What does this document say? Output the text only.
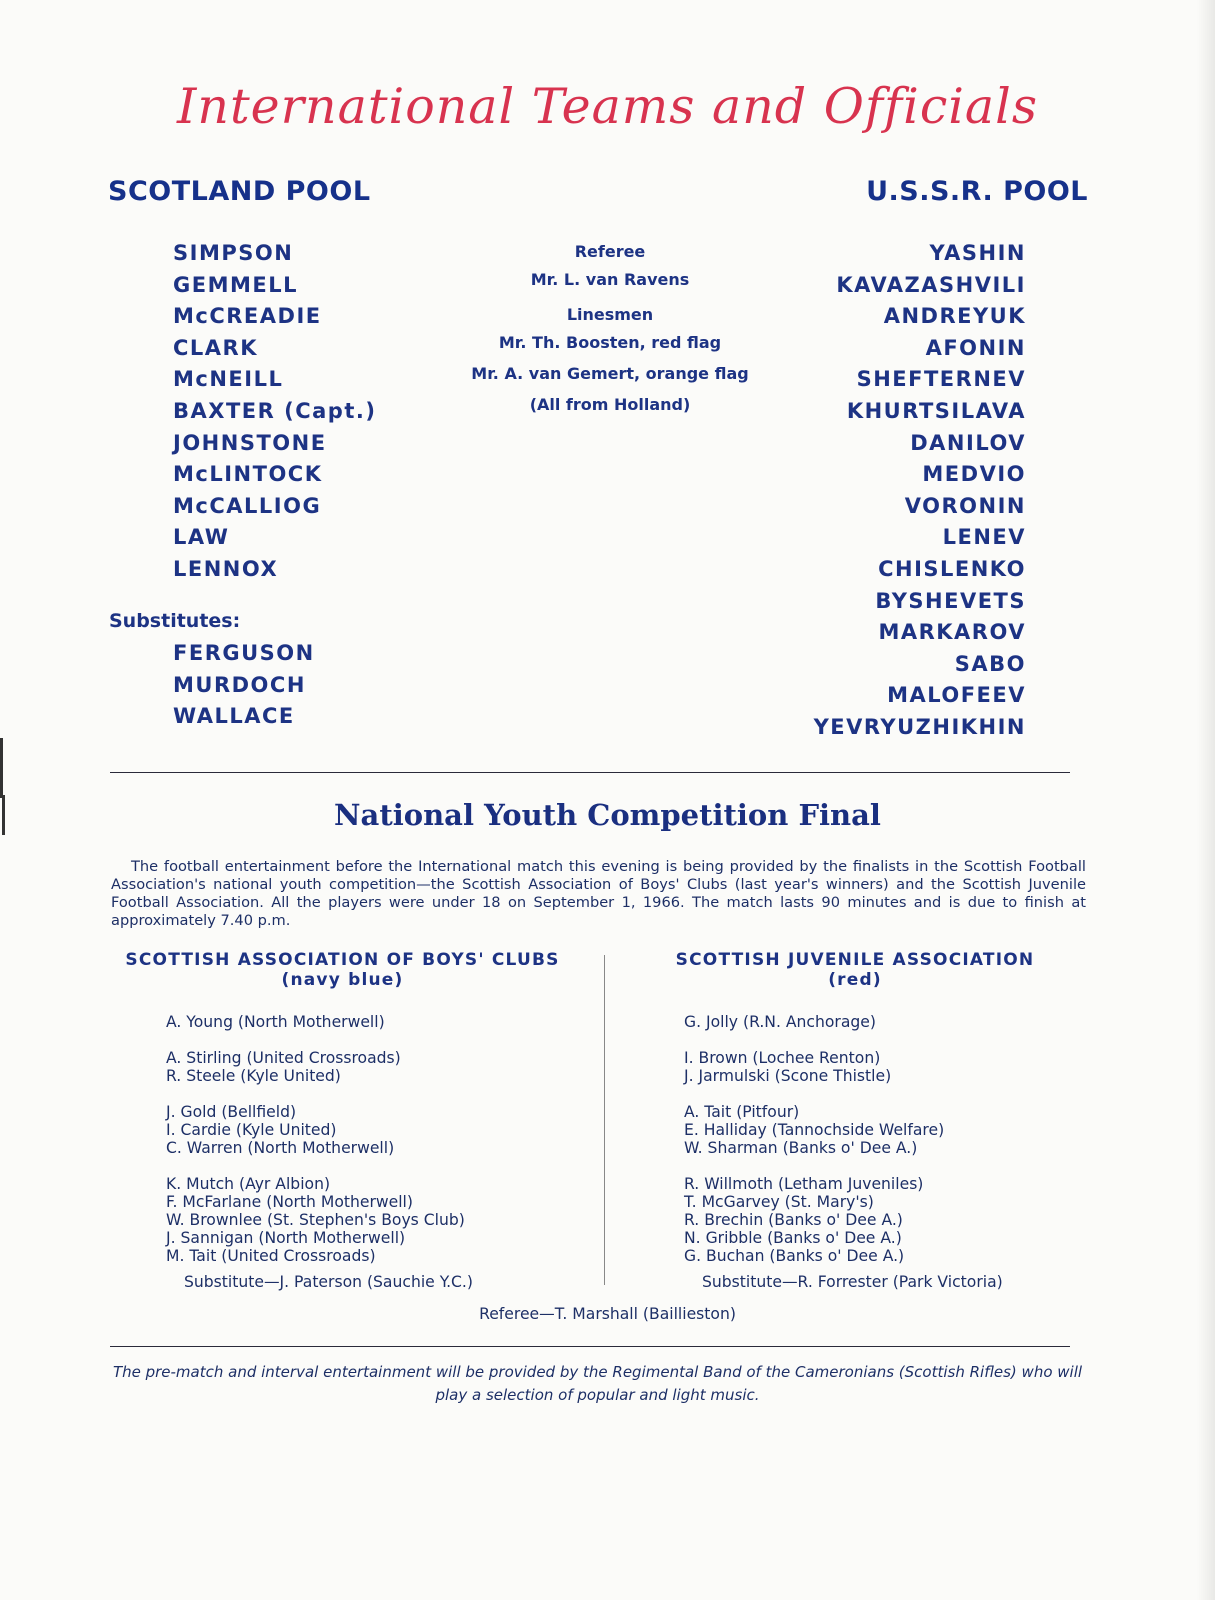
International Teams and Officials
SCOTLAND POOL	U.S.S.R. POOL
SIMPSON
GEMMELL
McCREADIE
CLARK
McNEILL
BAXTER (Capt.)
JOHNSTONE
McLINTOCK
McCALLIOG
LAW
LENNOX
Substitutes:
FERGUSON
MURDOCH
WALLACE
Referee
Mr. L. van Ravens
Linesmen
Mr. Th. Boosten, red flag
Mr. A. van Gemert, orange flag
(All from Holland)
YASHIN
KAVAZASHVILI
ANDREYUK
AFONIN
SHEFTERNEV
KHURTSILAVA
DANILOV
MEDVIO
VORONIN
LENEV
CHISLENKO
BYSHEVETS
MARKAROV
SABO
MALOFEEV
YEVRYUZHIKHIN
National Youth Competition Final
The football entertainment before the International match this evening is being provided by the finalists in the Scottish Football Association's national youth competition—the Scottish Association of Boys' Clubs (last year's winners) and the Scottish Juvenile Football Association. All the players were under 18 on September 1, 1966. The match lasts 90 minutes and is due to finish at approximately 7.40 p.m.
SCOTTISH ASSOCIATION OF BOYS' CLUBS
(navy blue)
SCOTTISH JUVENILE ASSOCIATION
(red)
A. Young (North Motherwell)
A. Stirling (United Crossroads)
R. Steele (Kyle United)
J. Gold (Bellfield)
I. Cardie (Kyle United)
C. Warren (North Motherwell)
K. Mutch (Ayr Albion)
F. McFarlane (North Motherwell)
W. Brownlee (St. Stephen's Boys Club)
J. Sannigan (North Motherwell)
M. Tait (United Crossroads)
Substitute—J. Paterson (Sauchie Y.C.)
G. Jolly (R.N. Anchorage)
I. Brown (Lochee Renton)
J. Jarmulski (Scone Thistle)
A. Tait (Pitfour)
E. Halliday (Tannochside Welfare)
W. Sharman (Banks o' Dee A.)
R. Willmoth (Letham Juveniles)
T. McGarvey (St. Mary's)
R. Brechin (Banks o' Dee A.)
N. Gribble (Banks o' Dee A.)
G. Buchan (Banks o' Dee A.)
Substitute—R. Forrester (Park Victoria)
Referee—T. Marshall (Baillieston)
The pre-match and interval entertainment will be provided by the Regimental Band of the Cameronians (Scottish Rifles) who will play a selection of popular and light music.
